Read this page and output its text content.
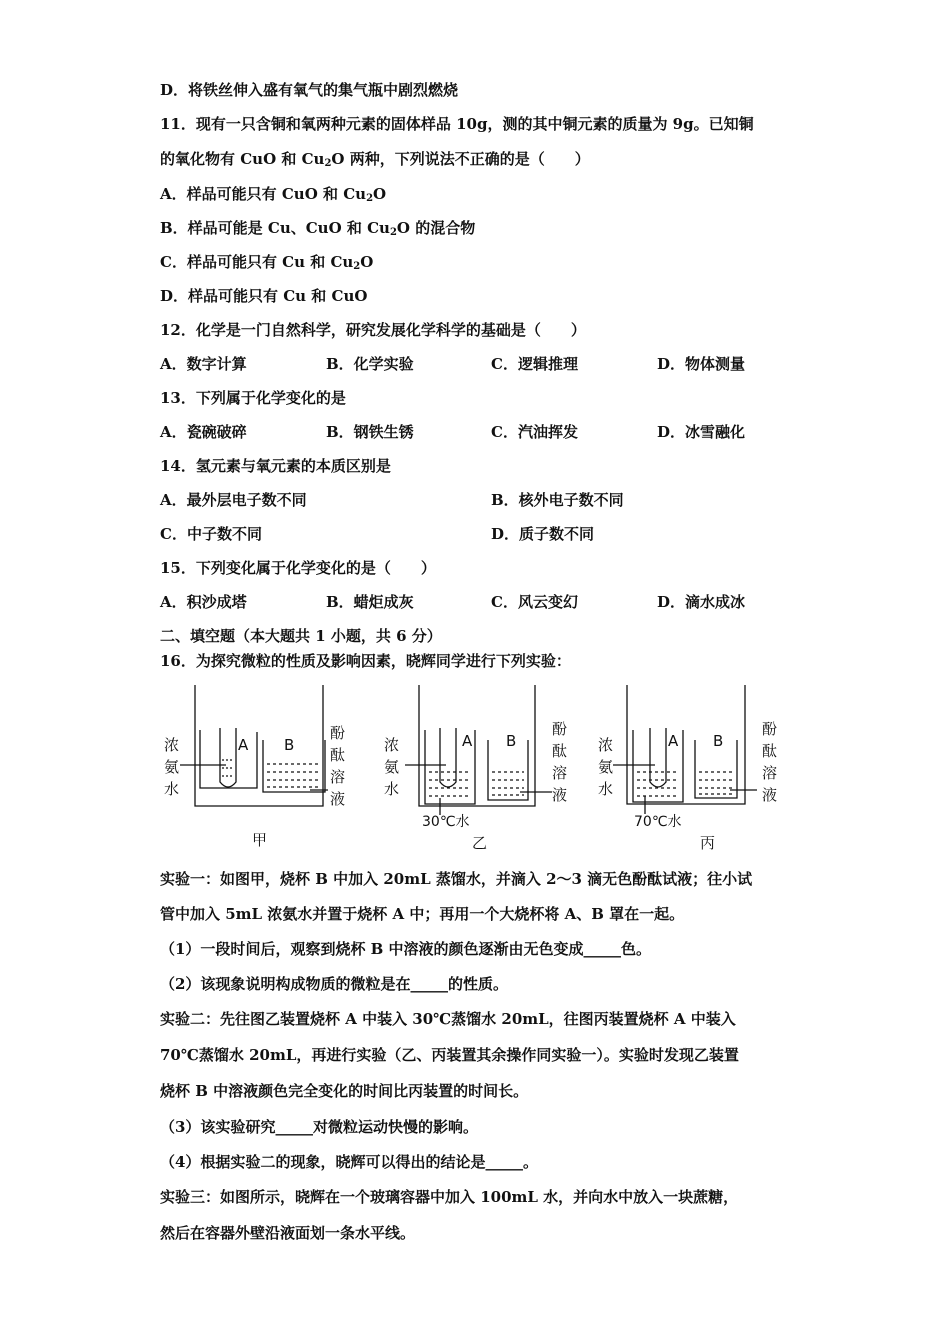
D．将铁丝伸入盛有氧气的集气瓶中剧烈燃烧
11．现有一只含铜和氧两种元素的固体样品 10g，测的其中铜元素的质量为 9g。已知铜
的氧化物有 CuO 和 $Cu_2O$ 两种，下列说法不正确的是（　　）
A．样品可能只有 CuO 和 $Cu_2O$
B．样品可能是 Cu、CuO 和 $Cu_2O$ 的混合物
C．样品可能只有 Cu 和 $Cu_2O$
D．样品可能只有 Cu 和 CuO
12．化学是一门自然科学，研究发展化学科学的基础是（　　）
A．数字计算	B．化学实验	C．逻辑推理	D．物体测量
13．下列属于化学变化的是
A．瓷碗破碎	B．钢铁生锈	C．汽油挥发	D．冰雪融化
14．氢元素与氧元素的本质区别是
A．最外层电子数不同	B．核外电子数不同
C．中子数不同	D．质子数不同
15．下列变化属于化学变化的是（　　）
A．积沙成塔	B．蜡炬成灰	C．风云变幻	D．滴水成冰
二、填空题（本大题共 1 小题，共 6 分）
16．为探究微粒的性质及影响因素，晓辉同学进行下列实验：
浓
氨
水
A B
酚
酞
溶
液
甲
浓
氨
水
A B
酚
酞
溶
液
30℃水
乙
浓
氨
水
A B
酚
酞
溶
液
70℃水
丙
实验一：如图甲，烧杯 B 中加入 20mL 蒸馏水，并滴入 2～3 滴无色酚酞试液；往小试
管中加入 5mL 浓氨水并置于烧杯 A 中；再用一个大烧杯将 A、B 罩在一起。
（1）一段时间后，观察到烧杯 B 中溶液的颜色逐渐由无色变成_____色。
（2）该现象说明构成物质的微粒是在_____的性质。
实验二：先往图乙装置烧杯 A 中装入 30℃蒸馏水 20mL，往图丙装置烧杯 A 中装入
70℃蒸馏水 20mL，再进行实验（乙、丙装置其余操作同实验一）。实验时发现乙装置
烧杯 B 中溶液颜色完全变化的时间比丙装置的时间长。
（3）该实验研究_____对微粒运动快慢的影响。
（4）根据实验二的现象，晓辉可以得出的结论是_____。
实验三：如图所示，晓辉在一个玻璃容器中加入 100mL 水，并向水中放入一块蔗糖，
然后在容器外壁沿液面划一条水平线。
